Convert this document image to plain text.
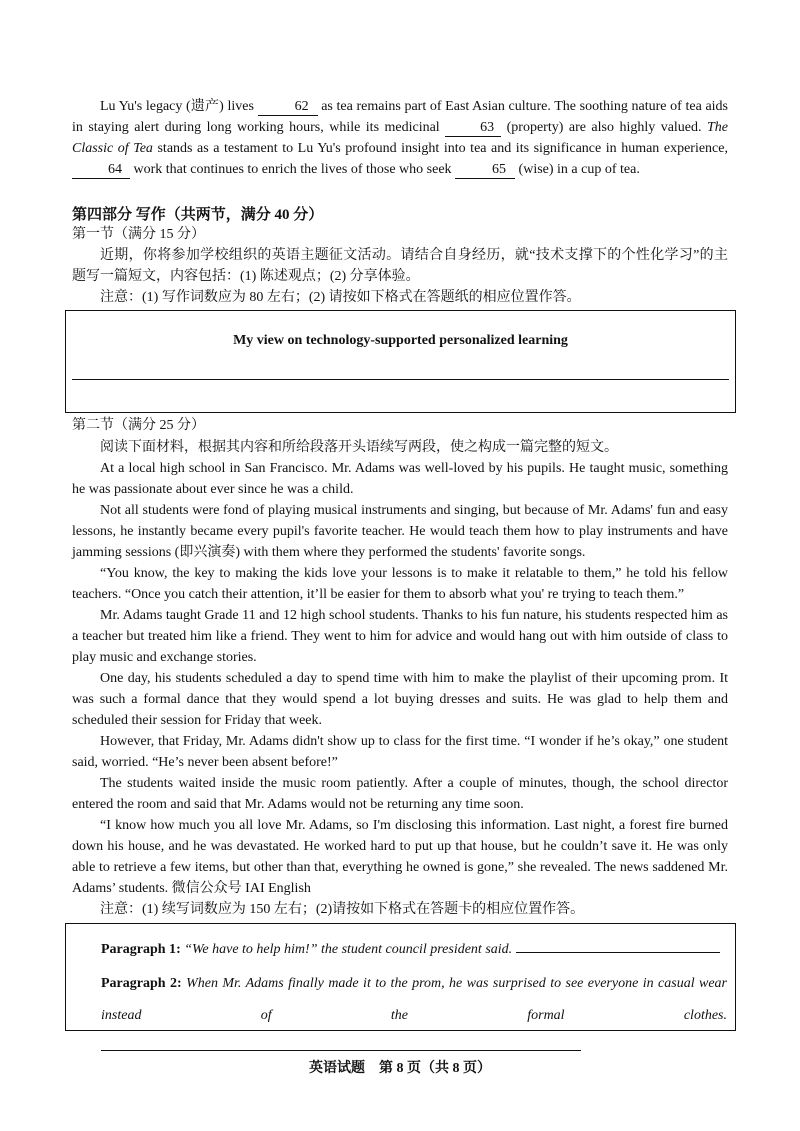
Lu Yu's legacy (遗产) lives	62 as tea remains part of East Asian culture. The soothing nature of tea aids in staying alert during long working hours, while its medicinal	63 (property) are also highly valued. The Classic of Tea stands as a testament to Lu Yu's profound insight into tea and its significance in human experience, 64 work that continues to enrich the lives of those who seek	65 (wise) in a cup of tea.

第四部分 写作（共两节，满分 40 分）

第一节（满分 15 分）

近期，你将参加学校组织的英语主题征文活动。请结合自身经历，就“技术支撑下的个性化学习”的主题写一篇短文，内容包括：(1) 陈述观点；(2) 分享体验。

注意：(1) 写作词数应为 80 左右；(2) 请按如下格式在答题纸的相应位置作答。

My view on technology-supported personalized learning

第二节（满分 25 分）

阅读下面材料，根据其内容和所给段落开头语续写两段，使之构成一篇完整的短文。

At a local high school in San Francisco. Mr. Adams was well-loved by his pupils. He taught music, something he was passionate about ever since he was a child.

Not all students were fond of playing musical instruments and singing, but because of Mr. Adams' fun and easy lessons, he instantly became every pupil's favorite teacher. He would teach them how to play instruments and have jamming sessions (即兴演奏) with them where they performed the students' favorite songs.

“You know, the key to making the kids love your lessons is to make it relatable to them,” he told his fellow teachers. “Once you catch their attention, it’ll be easier for them to absorb what you' re trying to teach them.”

Mr. Adams taught Grade 11 and 12 high school students. Thanks to his fun nature, his students respected him as a teacher but treated him like a friend. They went to him for advice and would hang out with him outside of class to play music and exchange stories.

One day, his students scheduled a day to spend time with him to make the playlist of their upcoming prom. It was such a formal dance that they would spend a lot buying dresses and suits. He was glad to help them and scheduled their session for Friday that week.

However, that Friday, Mr. Adams didn't show up to class for the first time. “I wonder if he’s okay,” one student said, worried. “He’s never been absent before!”

The students waited inside the music room patiently. After a couple of minutes, though, the school director entered the room and said that Mr. Adams would not be returning any time soon.

“I know how much you all love Mr. Adams, so I'm disclosing this information. Last night, a forest fire burned down his house, and he was devastated. He worked hard to put up that house, but he couldn’t save it. He was only able to retrieve a few items, but other than that, everything he owned is gone,” she revealed. The news saddened Mr. Adams’ students. 微信公众号 IAI English

注意：(1) 续写词数应为 150 左右；(2)请按如下格式在答题卡的相应位置作答。

Paragraph 1: “We have to help him!” the student council president said.

Paragraph 2: When Mr. Adams finally made it to the prom, he was surprised to see everyone in casual wear instead of the formal clothes.

英语试题　第 8 页（共 8 页）
